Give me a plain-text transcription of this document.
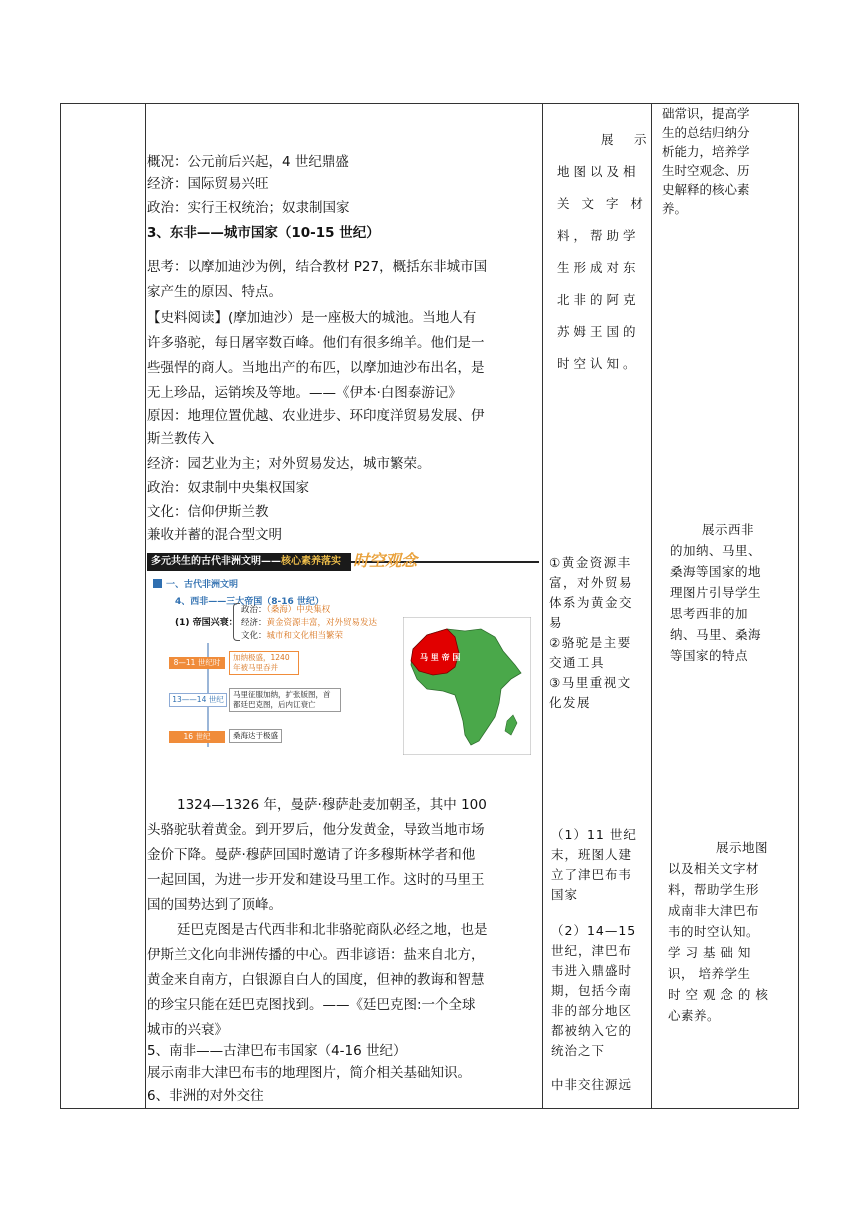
概况：公元前后兴起，4 世纪鼎盛
经济：国际贸易兴旺
政治：实行王权统治；奴隶制国家
3、东非——城市国家（10-15 世纪）
思考：以摩加迪沙为例，结合教材 P27，概括东非城市国
家产生的原因、特点。
【史料阅读】(摩加迪沙）是一座极大的城池。当地人有
许多骆驼，每日屠宰数百峰。他们有很多绵羊。他们是一
些强悍的商人。当地出产的布匹，以摩加迪沙布出名，是
无上珍品，运销埃及等地。——《伊本·白图泰游记》
原因：地理位置优越、农业进步、环印度洋贸易发展、伊
斯兰教传入
经济：园艺业为主；对外贸易发达，城市繁荣。
政治：奴隶制中央集权国家
文化：信仰伊斯兰教
兼收并蓄的混合型文明
1324—1326 年，曼萨·穆萨赴麦加朝圣，其中 100
头骆驼驮着黄金。到开罗后，他分发黄金，导致当地市场
金价下降。曼萨·穆萨回国时邀请了许多穆斯林学者和他
一起回国，为进一步开发和建设马里工作。这时的马里王
国的国势达到了顶峰。
廷巴克图是古代西非和北非骆驼商队必经之地，也是
伊斯兰文化向非洲传播的中心。西非谚语：盐来自北方，
黄金来自南方，白银源自白人的国度，但神的教诲和智慧
的珍宝只能在廷巴克图找到。——《廷巴克图:一个全球
城市的兴衰》
5、南非——古津巴布韦国家（4-16 世纪）
展示南非大津巴布韦的地理图片，简介相关基础知识。
6、非洲的对外交往
多元共生的古代非洲文明——核心素养落实 时空观念
一、古代非洲文明
4、西非——三大帝国（8-16 世纪）
(1) 帝国兴衰：
政治：（桑海）中央集权
经济：黄金资源丰富，对外贸易发达
文化：城市和文化相当繁荣
8—11 世纪时
加纳极盛，1240 年被马里吞并
13——14 世纪
马里征服加纳，扩张版图，首都廷巴克图，后内讧衰亡
16 世纪	桑海达于极盛
马 里 帝 国
展　示
地图以及相
关 文 字 材
料，帮助学
生形成对东
北非的阿克
苏姆王国的
时空认知。
①黄金资源丰
富，对外贸易
体系为黄金交
易
②骆驼是主要
交通工具
③马里重视文
化发展
（1）11 世纪
末，班图人建
立了津巴布韦
国家
（2）14—15
世纪，津巴布
韦进入鼎盛时
期，包括今南
非的部分地区
都被纳入它的
统治之下
中非交往源远
础常识，提高学
生的总结归纳分
析能力，培养学
生时空观念、历
史解释的核心素
养。
展示西非
的加纳、马里、
桑海等国家的地
理图片引导学生
思考西非的加
纳、马里、桑海
等国家的特点
展示地图
以及相关文字材
料，帮助学生形
成南非大津巴布
韦的时空认知。
学 习 基 础 知
识， 培养学生
时 空 观 念 的 核
心素养。
